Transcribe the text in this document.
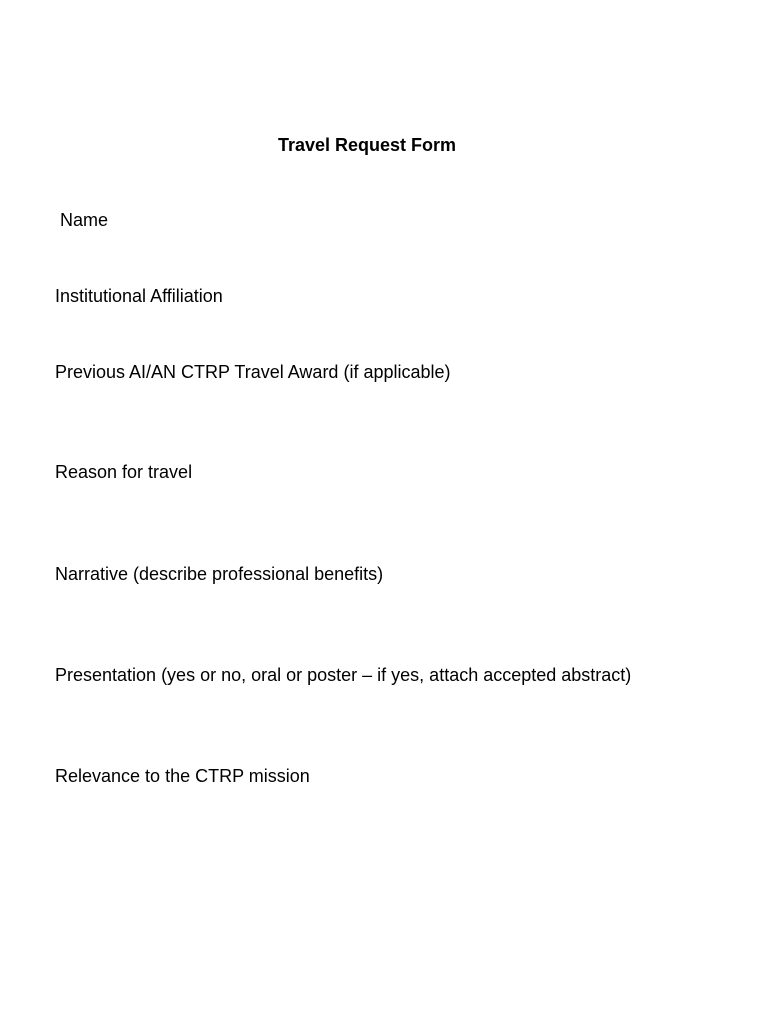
Travel Request Form
Name
Institutional Affiliation
Previous AI/AN CTRP Travel Award (if applicable)
Reason for travel
Narrative (describe professional benefits)
Presentation (yes or no, oral or poster – if yes, attach accepted abstract)
Relevance to the CTRP mission
